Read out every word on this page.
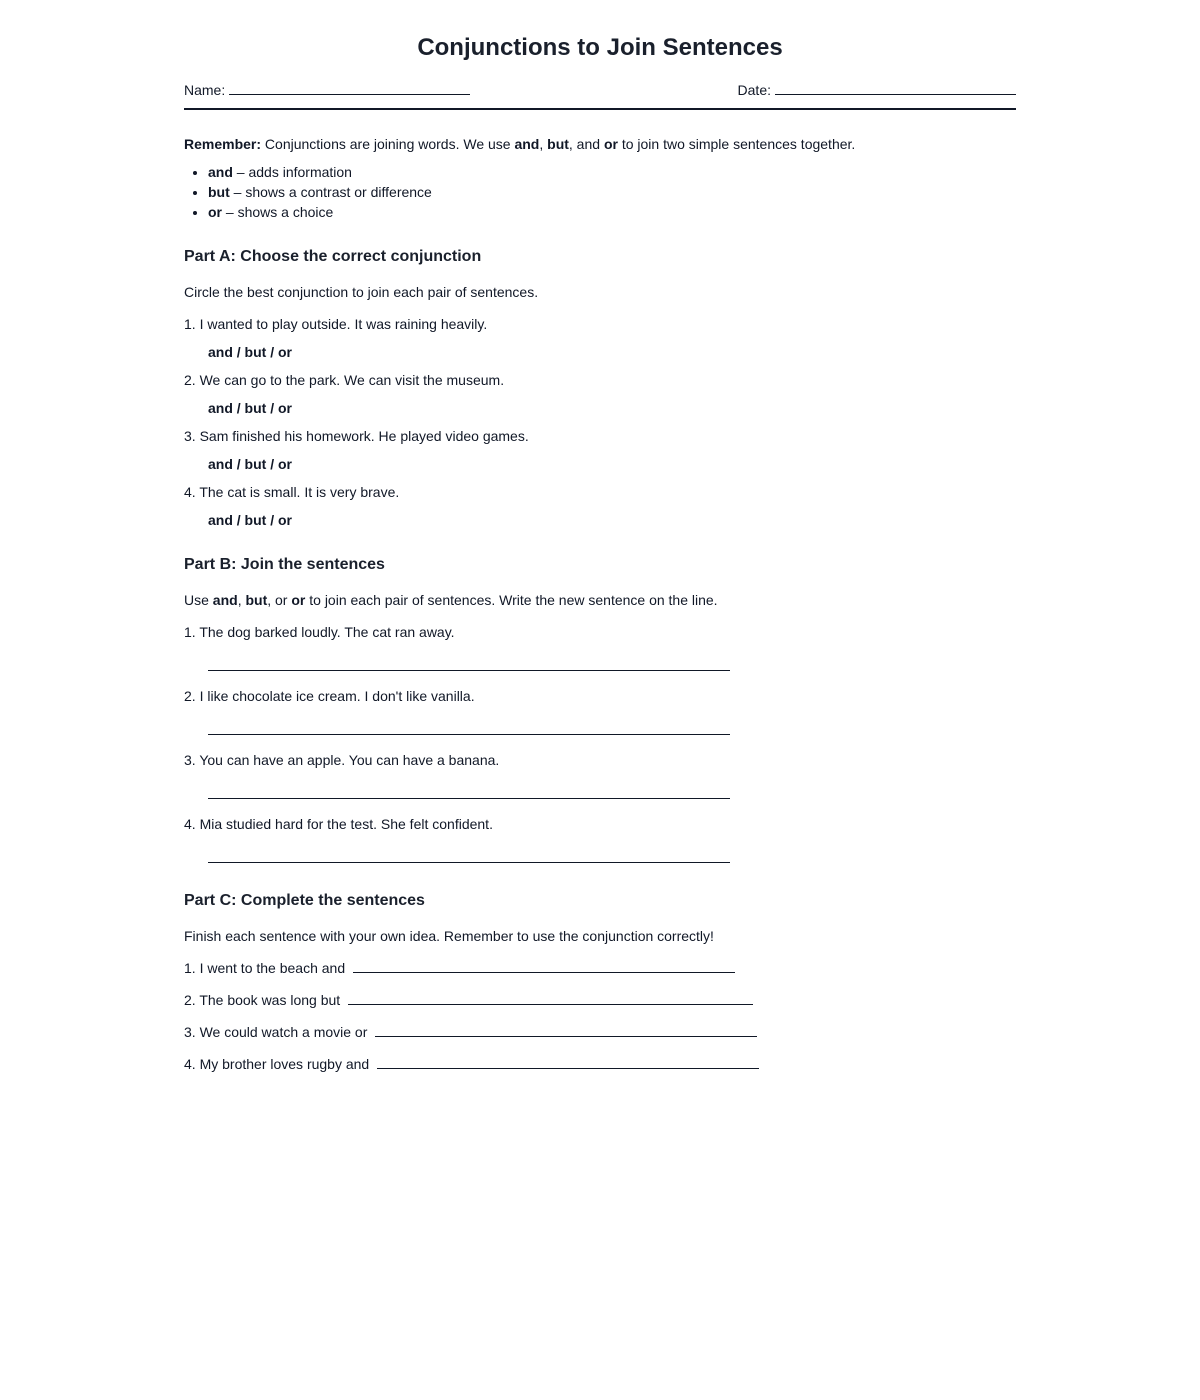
Conjunctions to Join Sentences
Name:	Date:
Remember: Conjunctions are joining words. We use and, but, and or to join two simple sentences together.
• and – adds information
• but – shows a contrast or difference
• or – shows a choice
Part A: Choose the correct conjunction
Circle the best conjunction to join each pair of sentences.
1. I wanted to play outside. It was raining heavily.
and / but / or
2. We can go to the park. We can visit the museum.
and / but / or
3. Sam finished his homework. He played video games.
and / but / or
4. The cat is small. It is very brave.
and / but / or
Part B: Join the sentences
Use and, but, or or to join each pair of sentences. Write the new sentence on the line.
1. The dog barked loudly. The cat ran away.
2. I like chocolate ice cream. I don't like vanilla.
3. You can have an apple. You can have a banana.
4. Mia studied hard for the test. She felt confident.
Part C: Complete the sentences
Finish each sentence with your own idea. Remember to use the conjunction correctly!
1. I went to the beach and
2. The book was long but
3. We could watch a movie or
4. My brother loves rugby and
